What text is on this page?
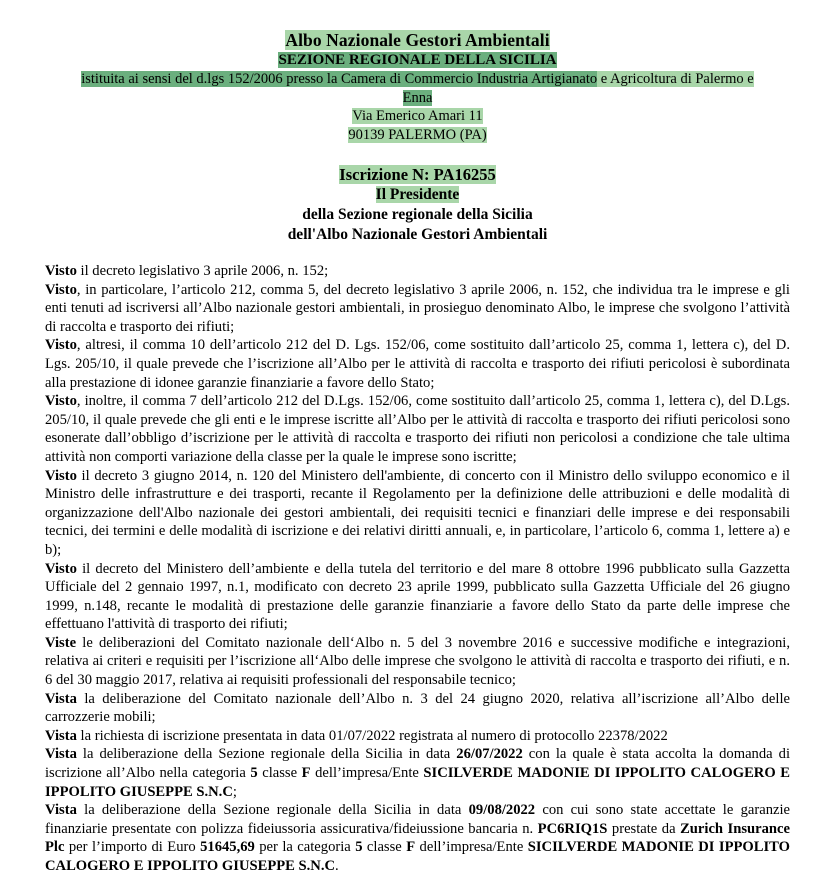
Albo Nazionale Gestori Ambientali
SEZIONE REGIONALE DELLA SICILIA
istituita ai sensi del d.lgs 152/2006 presso la Camera di Commercio Industria Artigianato e Agricoltura di Palermo e
Enna
Via Emerico Amari 11
90139 PALERMO (PA)
Iscrizione N: PA16255
Il Presidente
della Sezione regionale della Sicilia
dell'Albo Nazionale Gestori Ambientali

Visto il decreto legislativo 3 aprile 2006, n. 152;

Visto, in particolare, l’articolo 212, comma 5, del decreto legislativo 3 aprile 2006, n. 152, che individua tra le imprese e gli enti tenuti ad iscriversi all’Albo nazionale gestori ambientali, in prosieguo denominato Albo, le imprese che svolgono l’attività di raccolta e trasporto dei rifiuti;

Visto, altresi, il comma 10 dell’articolo 212 del D. Lgs. 152/06, come sostituito dall’articolo 25, comma 1, lettera c), del D. Lgs. 205/10, il quale prevede che l’iscrizione all’Albo per le attività di raccolta e trasporto dei rifiuti pericolosi è subordinata alla prestazione di idonee garanzie finanziarie a favore dello Stato;

Visto, inoltre, il comma 7 dell’articolo 212 del D.Lgs. 152/06, come sostituito dall’articolo 25, comma 1, lettera c), del D.Lgs. 205/10, il quale prevede che gli enti e le imprese iscritte all’Albo per le attività di raccolta e trasporto dei rifiuti pericolosi sono esonerate dall’obbligo d’iscrizione per le attività di raccolta e trasporto dei rifiuti non pericolosi a condizione che tale ultima attività non comporti variazione della classe per la quale le imprese sono iscritte;

Visto il decreto 3 giugno 2014, n. 120 del Ministero dell'ambiente, di concerto con il Ministro dello sviluppo economico e il Ministro delle infrastrutture e dei trasporti, recante il Regolamento per la definizione delle attribuzioni e delle modalità di organizzazione dell'Albo nazionale dei gestori ambientali, dei requisiti tecnici e finanziari delle imprese e dei responsabili tecnici, dei termini e delle modalità di iscrizione e dei relativi diritti annuali, e, in particolare, l’articolo 6, comma 1, lettere a) e b);

Visto il decreto del Ministero dell’ambiente e della tutela del territorio e del mare 8 ottobre 1996 pubblicato sulla Gazzetta Ufficiale del 2 gennaio 1997, n.1, modificato con decreto 23 aprile 1999, pubblicato sulla Gazzetta Ufficiale del 26 giugno 1999, n.148, recante le modalità di prestazione delle garanzie finanziarie a favore dello Stato da parte delle imprese che effettuano l'attività di trasporto dei rifiuti;

Viste le deliberazioni del Comitato nazionale dellʻAlbo n. 5 del 3 novembre 2016 e successive modifiche e integrazioni, relativa ai criteri e requisiti per l’iscrizione allʻAlbo delle imprese che svolgono le attività di raccolta e trasporto dei rifiuti, e n. 6 del 30 maggio 2017, relativa ai requisiti professionali del responsabile tecnico;

Vista la deliberazione del Comitato nazionale dell’Albo n. 3 del 24 giugno 2020, relativa all’iscrizione all’Albo delle carrozzerie mobili;

Vista la richiesta di iscrizione presentata in data 01/07/2022 registrata al numero di protocollo 22378/2022

Vista la deliberazione della Sezione regionale della Sicilia in data 26/07/2022 con la quale è stata accolta la domanda di iscrizione all’Albo nella categoria 5 classe F dell’impresa/Ente SICILVERDE MADONIE DI IPPOLITO CALOGERO E IPPOLITO GIUSEPPE S.N.C;

Vista la deliberazione della Sezione regionale della Sicilia in data 09/08/2022 con cui sono state accettate le garanzie finanziarie presentate con polizza fideiussoria assicurativa/fideiussione bancaria n. PC6RIQ1S prestate da Zurich Insurance Plc per l’importo di Euro 51645,69 per la categoria 5 classe F dell’impresa/Ente SICILVERDE MADONIE DI IPPOLITO CALOGERO E IPPOLITO GIUSEPPE S.N.C.
